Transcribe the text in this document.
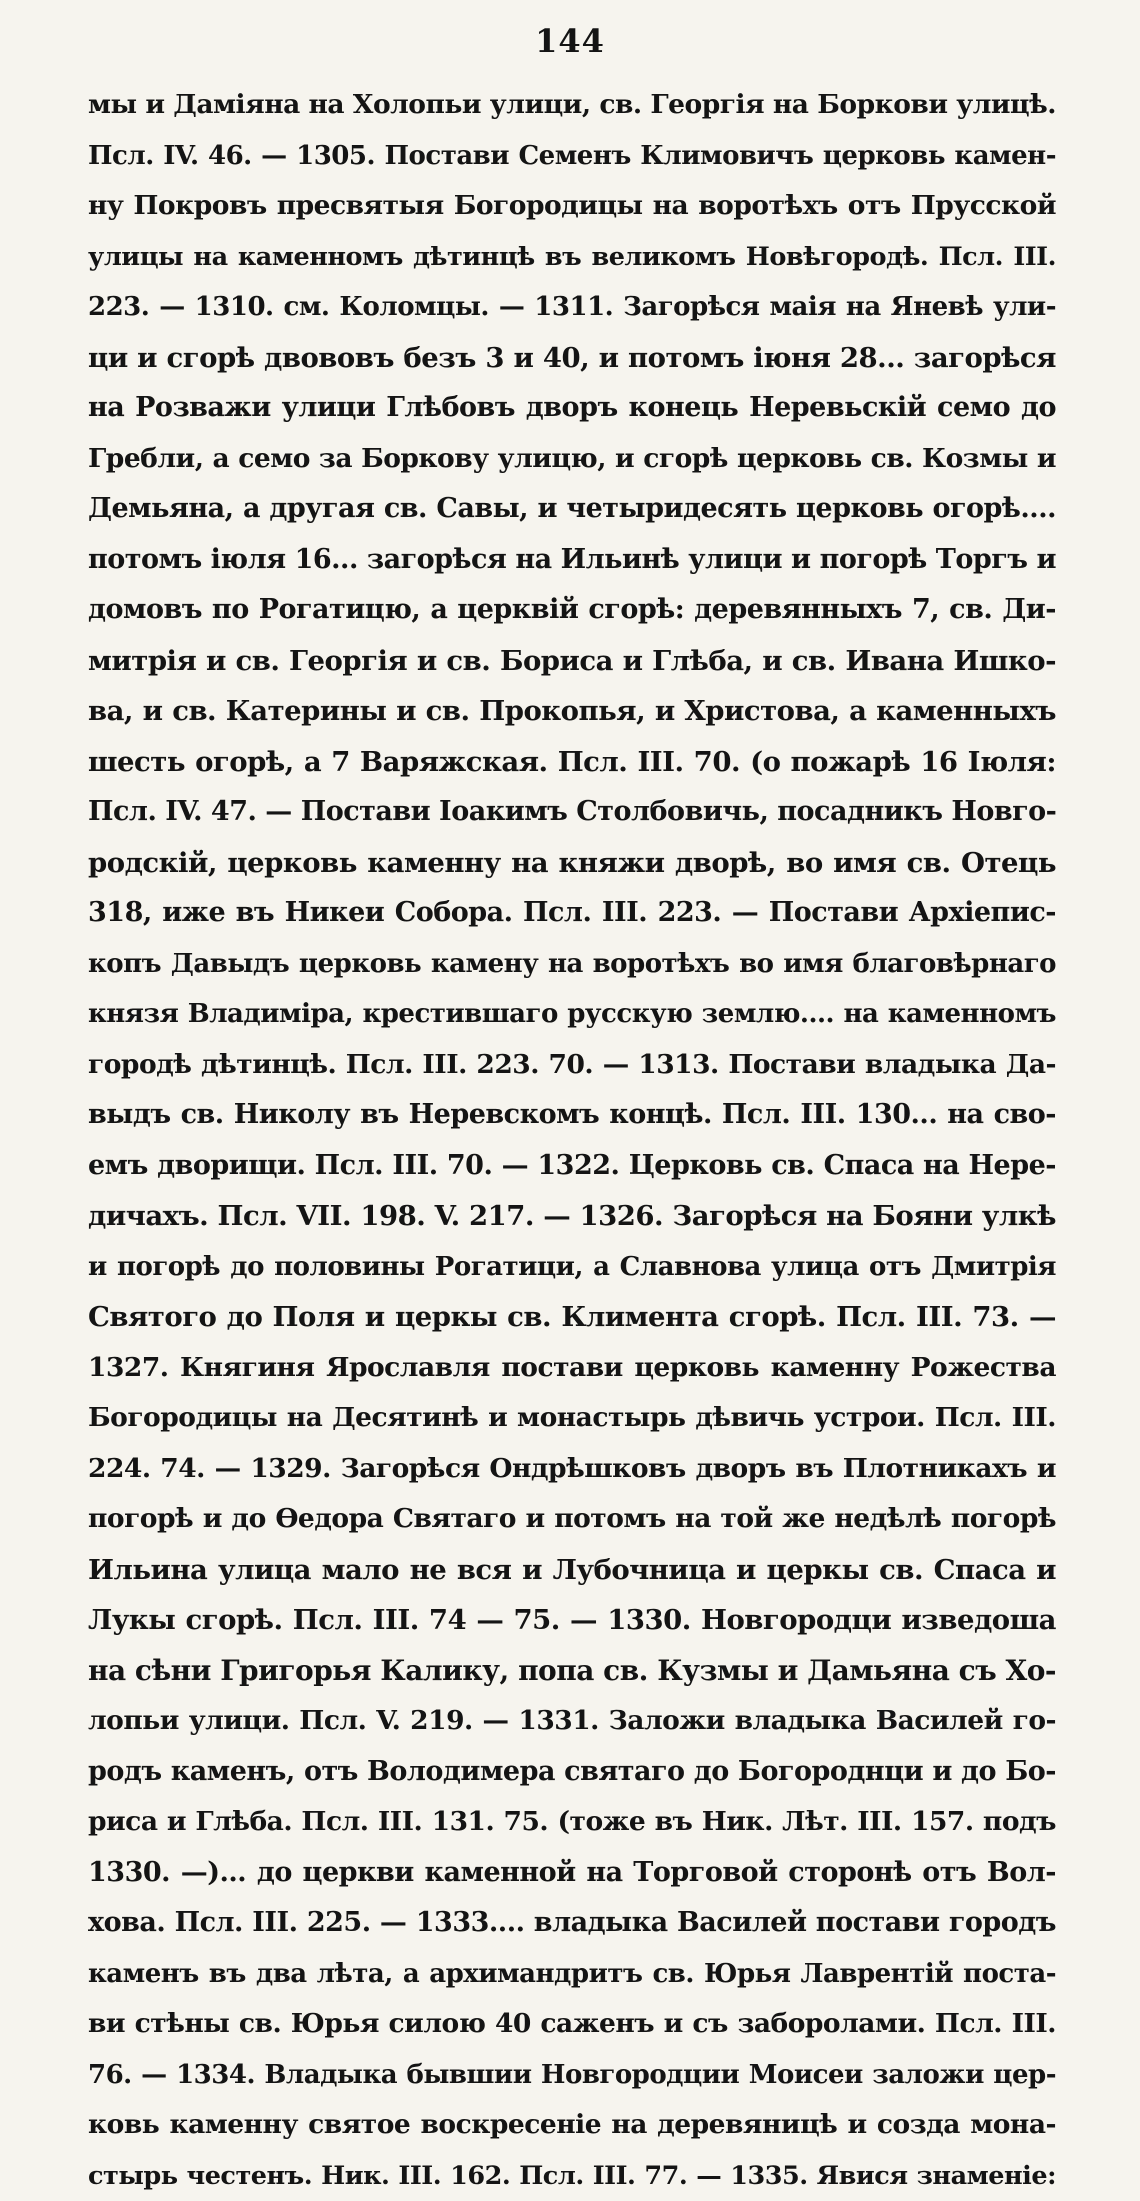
144
мы и Даміяна на Холопьи улици, св. Георгія на Боркови улицѣ.
Псл. IV. 46. — 1305. Постави Семенъ Климовичъ церковь камен-
ну Покровъ пресвятыя Богородицы на воротѣхъ отъ Прусской
улицы на каменномъ дѣтинцѣ въ великомъ Новѣгородѣ. Псл. III.
223. — 1310. см. Коломцы. — 1311. Загорѣся маія на Яневѣ ули-
ци и сгорѣ двововъ безъ 3 и 40, и потомъ іюня 28... загорѣся
на Розважи улици Глѣбовъ дворъ конець Неревьскій семо до
Гребли, а семо за Боркову улицю, и сгорѣ церковь св. Козмы и
Демьяна, а другая св. Савы, и четыридесять церковь огорѣ....
потомъ іюля 16... загорѣся на Ильинѣ улици и погорѣ Торгъ и
домовъ по Рогатицю, а церквій сгорѣ: деревянныхъ 7, св. Ди-
митрія и св. Георгія и св. Бориса и Глѣба, и св. Ивана Ишко-
ва, и св. Катерины и св. Прокопья, и Христова, а каменныхъ
шесть огорѣ, а 7 Варяжская. Псл. III. 70. (о пожарѣ 16 Іюля:
Псл. IV. 47. — Постави Іоакимъ Столбовичь, посадникъ Новго-
родскій, церковь каменну на княжи дворѣ, во имя св. Отець
318, иже въ Никеи Собора. Псл. III. 223. — Постави Архіепис-
копъ Давыдъ церковь камену на воротѣхъ во имя благовѣрнаго
князя Владиміра, крестившаго русскую землю.... на каменномъ
городѣ дѣтинцѣ. Псл. III. 223. 70. — 1313. Постави владыка Да-
выдъ св. Николу въ Неревскомъ концѣ. Псл. III. 130... на сво-
емъ дворищи. Псл. III. 70. — 1322. Церковь св. Спаса на Нере-
дичахъ. Псл. VII. 198. V. 217. — 1326. Загорѣся на Бояни улкѣ
и погорѣ до половины Рогатици, а Славнова улица отъ Дмитрія
Святого до Поля и церкы св. Климента сгорѣ. Псл. III. 73. —
1327. Княгиня Ярославля постави церковь каменну Рожества
Богородицы на Десятинѣ и монастырь дѣвичь устрои. Псл. III.
224. 74. — 1329. Загорѣся Ондрѣшковъ дворъ въ Плотникахъ и
погорѣ и до Ѳедора Святаго и потомъ на той же недѣлѣ погорѣ
Ильина улица мало не вся и Лубочница и церкы св. Спаса и
Лукы сгорѣ. Псл. III. 74 — 75. — 1330. Новгородци изведоша
на сѣни Григорья Калику, попа св. Кузмы и Дамьяна съ Хо-
лопьи улици. Псл. V. 219. — 1331. Заложи владыка Василей го-
родъ каменъ, отъ Володимера святаго до Богороднци и до Бо-
риса и Глѣба. Псл. III. 131. 75. (тоже въ Ник. Лѣт. III. 157. подъ
1330. —)... до церкви каменной на Торговой сторонѣ отъ Вол-
хова. Псл. III. 225. — 1333.... владыка Василей постави городъ
каменъ въ два лѣта, а архимандритъ св. Юрья Лаврентій поста-
ви стѣны св. Юрья силою 40 саженъ и съ заборолами. Псл. III.
76. — 1334. Владыка бывшии Новгородции Моисеи заложи цер-
ковь каменну святое воскресеніе на деревяницѣ и созда мона-
стырь честенъ. Ник. III. 162. Псл. III. 77. — 1335. Явися знаменіе:
